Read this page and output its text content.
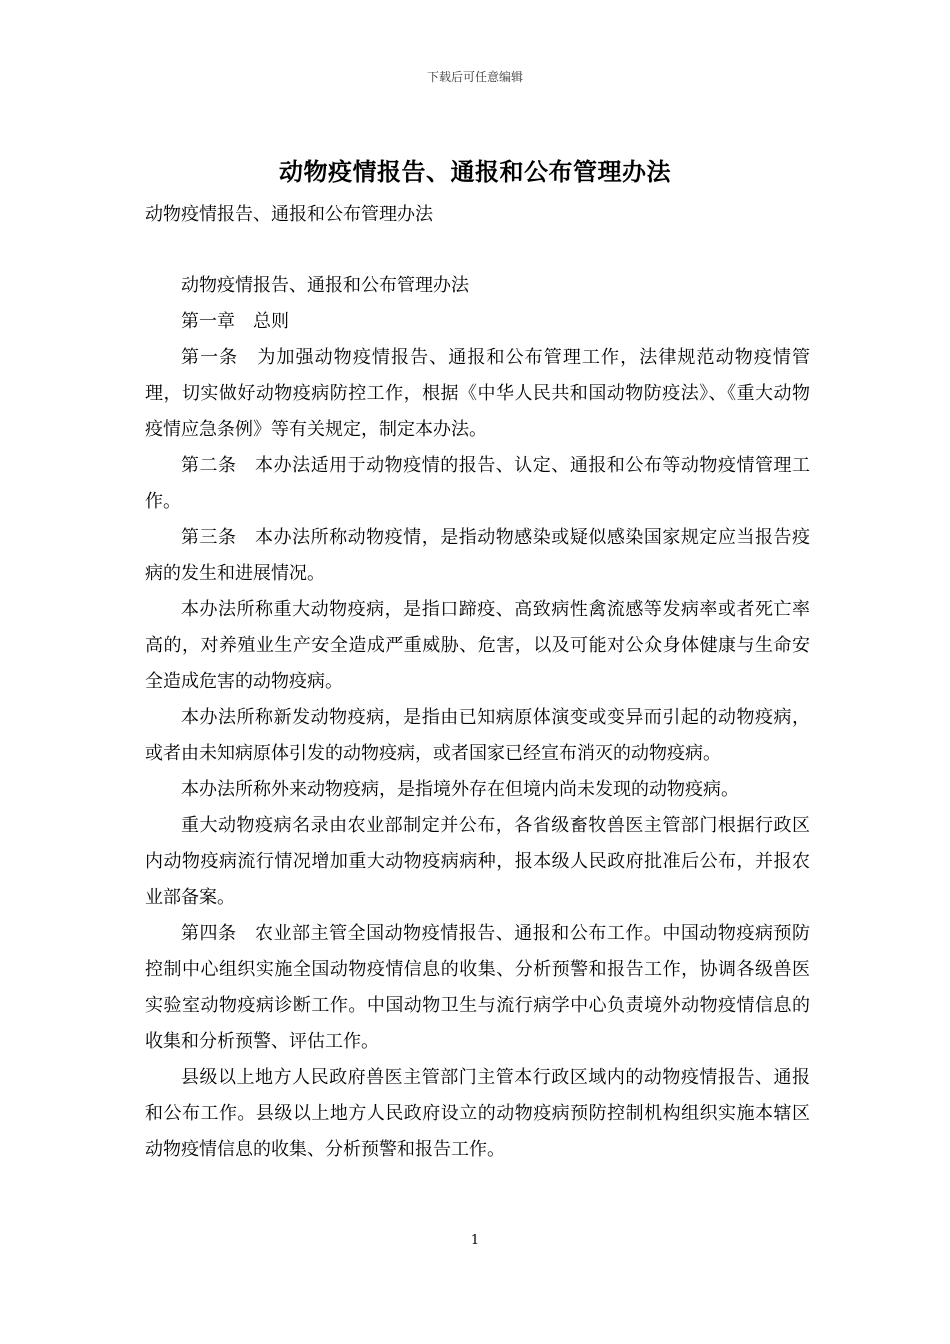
下载后可任意编辑
动物疫情报告、通报和公布管理办法
动物疫情报告、通报和公布管理办法

动物疫情报告、通报和公布管理办法

第一章　总则

第一条　为加强动物疫情报告、通报和公布管理工作，法律规范动物疫情管理，切实做好动物疫病防控工作，根据《中华人民共和国动物防疫法》、《重大动物疫情应急条例》等有关规定，制定本办法。

第二条　本办法适用于动物疫情的报告、认定、通报和公布等动物疫情管理工作。

第三条　本办法所称动物疫情，是指动物感染或疑似感染国家规定应当报告疫病的发生和进展情况。

本办法所称重大动物疫病，是指口蹄疫、高致病性禽流感等发病率或者死亡率高的，对养殖业生产安全造成严重威胁、危害，以及可能对公众身体健康与生命安全造成危害的动物疫病。

本办法所称新发动物疫病，是指由已知病原体演变或变异而引起的动物疫病，或者由未知病原体引发的动物疫病，或者国家已经宣布消灭的动物疫病。

本办法所称外来动物疫病，是指境外存在但境内尚未发现的动物疫病。

重大动物疫病名录由农业部制定并公布，各省级畜牧兽医主管部门根据行政区内动物疫病流行情况增加重大动物疫病病种，报本级人民政府批准后公布，并报农业部备案。

第四条　农业部主管全国动物疫情报告、通报和公布工作。中国动物疫病预防控制中心组织实施全国动物疫情信息的收集、分析预警和报告工作，协调各级兽医实验室动物疫病诊断工作。中国动物卫生与流行病学中心负责境外动物疫情信息的收集和分析预警、评估工作。

县级以上地方人民政府兽医主管部门主管本行政区域内的动物疫情报告、通报和公布工作。县级以上地方人民政府设立的动物疫病预防控制机构组织实施本辖区动物疫情信息的收集、分析预警和报告工作。

1
